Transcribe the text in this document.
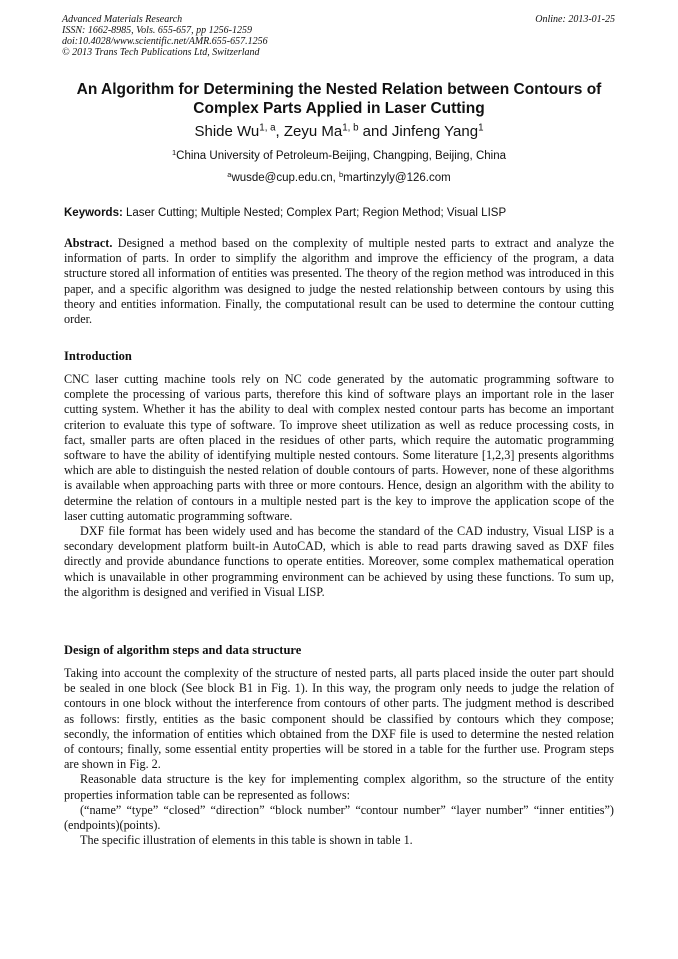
Advanced Materials Research
ISSN: 1662-8985, Vols. 655-657, pp 1256-1259
doi:10.4028/www.scientific.net/AMR.655-657.1256
© 2013 Trans Tech Publications Ltd, Switzerland
Online: 2013-01-25
An Algorithm for Determining the Nested Relation between Contours of
Complex Parts Applied in Laser Cutting
Shide Wu$^{1, a}$, Zeyu Ma$^{1, b}$ and Jinfeng Yang$^1$
$^1$China University of Petroleum-Beijing, Changping, Beijing, China
$^a$wusde@cup.edu.cn, $^b$martinzyly@126.com
Keywords: Laser Cutting; Multiple Nested; Complex Part; Region Method; Visual LISP

Abstract. Designed a method based on the complexity of multiple nested parts to extract and analyze the information of parts. In order to simplify the algorithm and improve the efficiency of the program, a data structure stored all information of entities was presented. The theory of the region method was introduced in this paper, and a specific algorithm was designed to judge the nested relationship between contours by using this theory and entities information. Finally, the computational result can be used to determine the contour cutting order.

Introduction

CNC laser cutting machine tools rely on NC code generated by the automatic programming software to complete the processing of various parts, therefore this kind of software plays an important role in the laser cutting system. Whether it has the ability to deal with complex nested contour parts has become an important criterion to evaluate this type of software. To improve sheet utilization as well as reduce processing costs, in fact, smaller parts are often placed in the residues of other parts, which require the automatic programming software to have the ability of identifying multiple nested contours. Some literature [1,2,3] presents algorithms which are able to distinguish the nested relation of double contours of parts. However, none of these algorithms is available when approaching parts with three or more contours. Hence, design an algorithm with the ability to determine the relation of contours in a multiple nested part is the key to improve the application scope of the laser cutting automatic programming software.

DXF file format has been widely used and has become the standard of the CAD industry, Visual LISP is a secondary development platform built-in AutoCAD, which is able to read parts drawing saved as DXF files directly and provide abundance functions to operate entities. Moreover, some complex mathematical operation which is unavailable in other programming environment can be achieved by using these functions. To sum up, the algorithm is designed and verified in Visual LISP.

Design of algorithm steps and data structure

Taking into account the complexity of the structure of nested parts, all parts placed inside the outer part should be sealed in one block (See block B1 in Fig. 1). In this way, the program only needs to judge the relation of contours in one block without the interference from contours of other parts. The judgment method is described as follows: firstly, entities as the basic component should be classified by contours which they compose; secondly, the information of entities which obtained from the DXF file is used to determine the nested relation of contours; finally, some essential entity properties will be stored in a table for the further use. Program steps are shown in Fig. 2.

Reasonable data structure is the key for implementing complex algorithm, so the structure of the entity properties information table can be represented as follows:

(“name” “type” “closed” “direction” “block number” “contour number” “layer number” “inner entities”)(endpoints)(points).

The specific illustration of elements in this table is shown in table 1.
